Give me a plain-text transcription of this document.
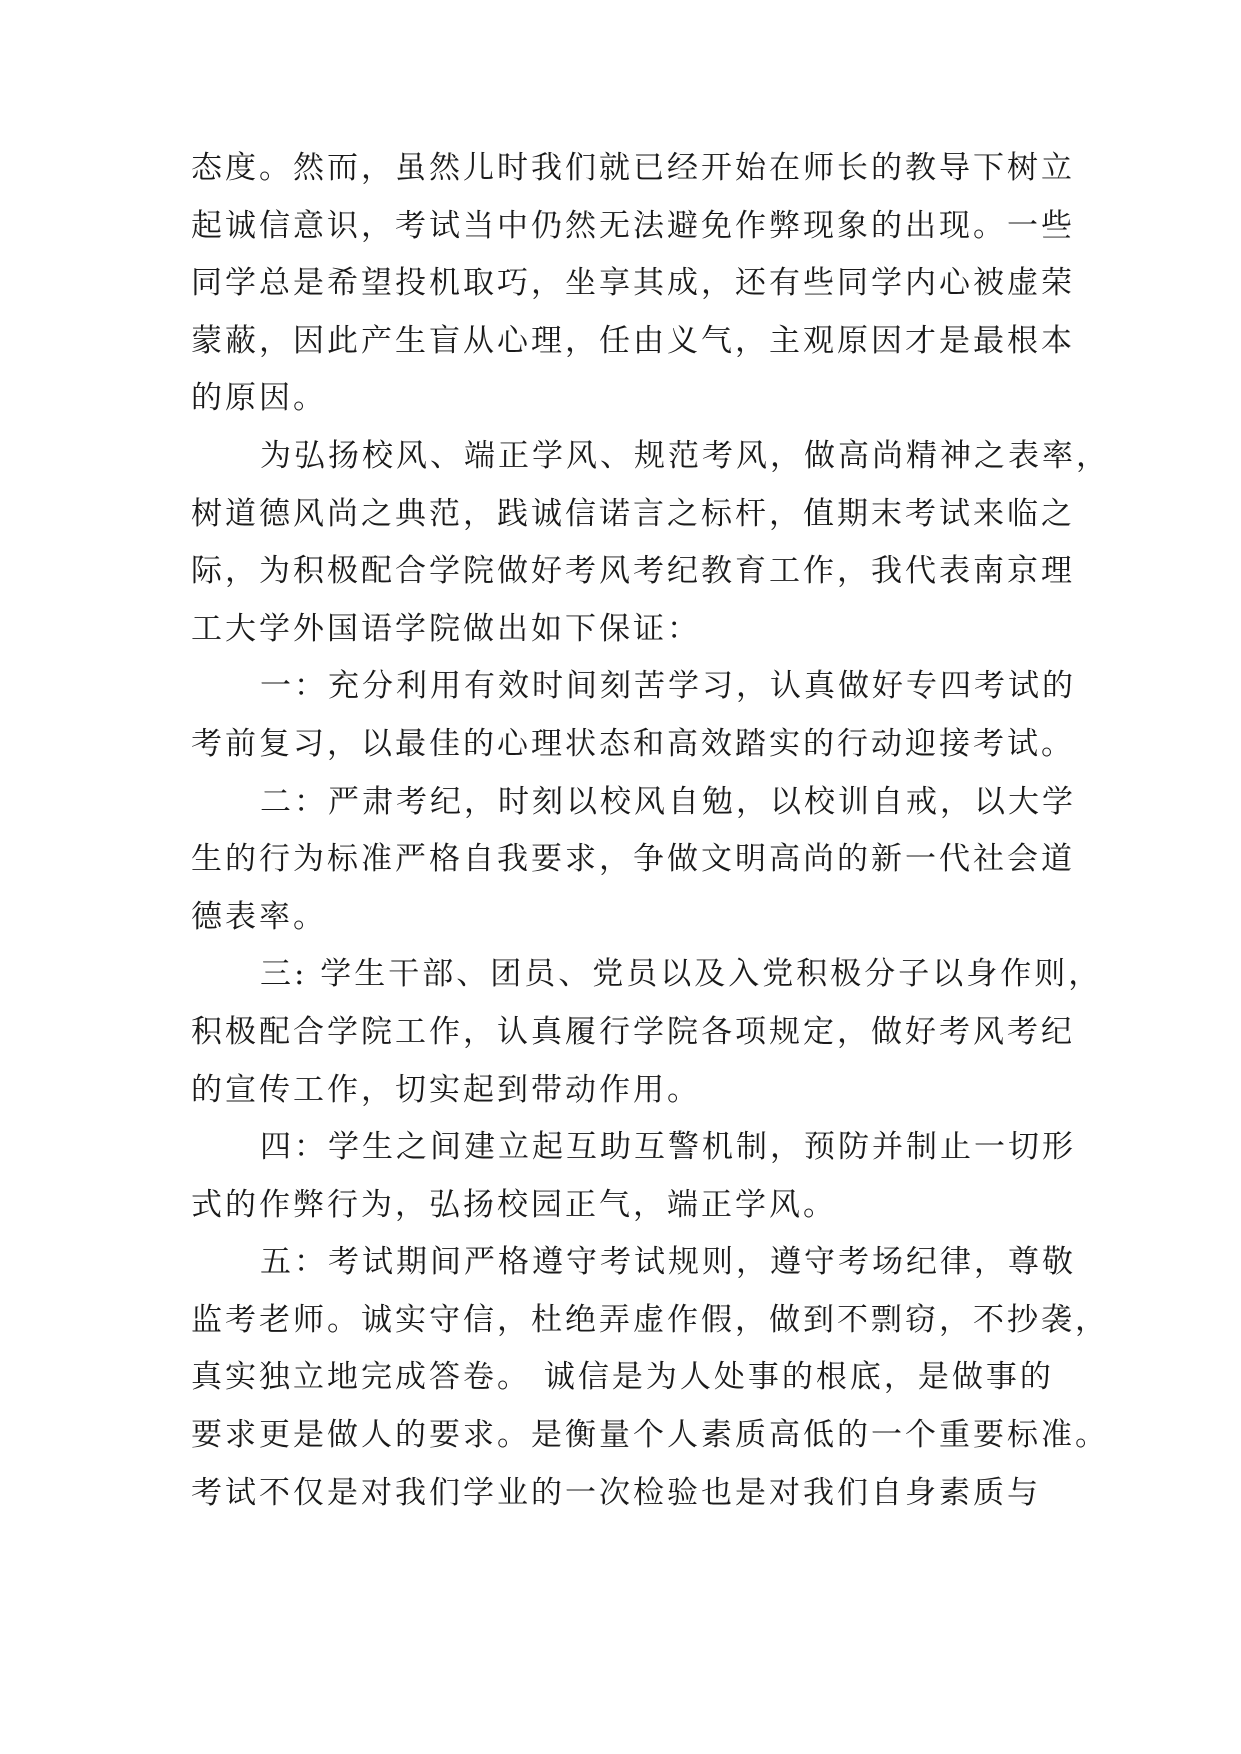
态度。然而，虽然儿时我们就已经开始在师长的教导下树立
起诚信意识，考试当中仍然无法避免作弊现象的出现。一些
同学总是希望投机取巧，坐享其成，还有些同学内心被虚荣
蒙蔽，因此产生盲从心理，任由义气，主观原因才是最根本
的原因。
为弘扬校风、端正学风、规范考风，做高尚精神之表率，
树道德风尚之典范，践诚信诺言之标杆，值期末考试来临之
际，为积极配合学院做好考风考纪教育工作，我代表南京理
工大学外国语学院做出如下保证：
一：充分利用有效时间刻苦学习，认真做好专四考试的
考前复习，以最佳的心理状态和高效踏实的行动迎接考试。
二：严肃考纪，时刻以校风自勉，以校训自戒，以大学
生的行为标准严格自我要求，争做文明高尚的新一代社会道
德表率。
三: 学生干部、团员、党员以及入党积极分子以身作则，
积极配合学院工作，认真履行学院各项规定，做好考风考纪
的宣传工作，切实起到带动作用。
四：学生之间建立起互助互警机制，预防并制止一切形
式的作弊行为，弘扬校园正气，端正学风。
五：考试期间严格遵守考试规则，遵守考场纪律，尊敬
监考老师。诚实守信，杜绝弄虚作假，做到不剽窃，不抄袭，
真实独立地完成答卷。 诚信是为人处事的根底，是做事的
要求更是做人的要求。是衡量个人素质高低的一个重要标准。
考试不仅是对我们学业的一次检验也是对我们自身素质与
